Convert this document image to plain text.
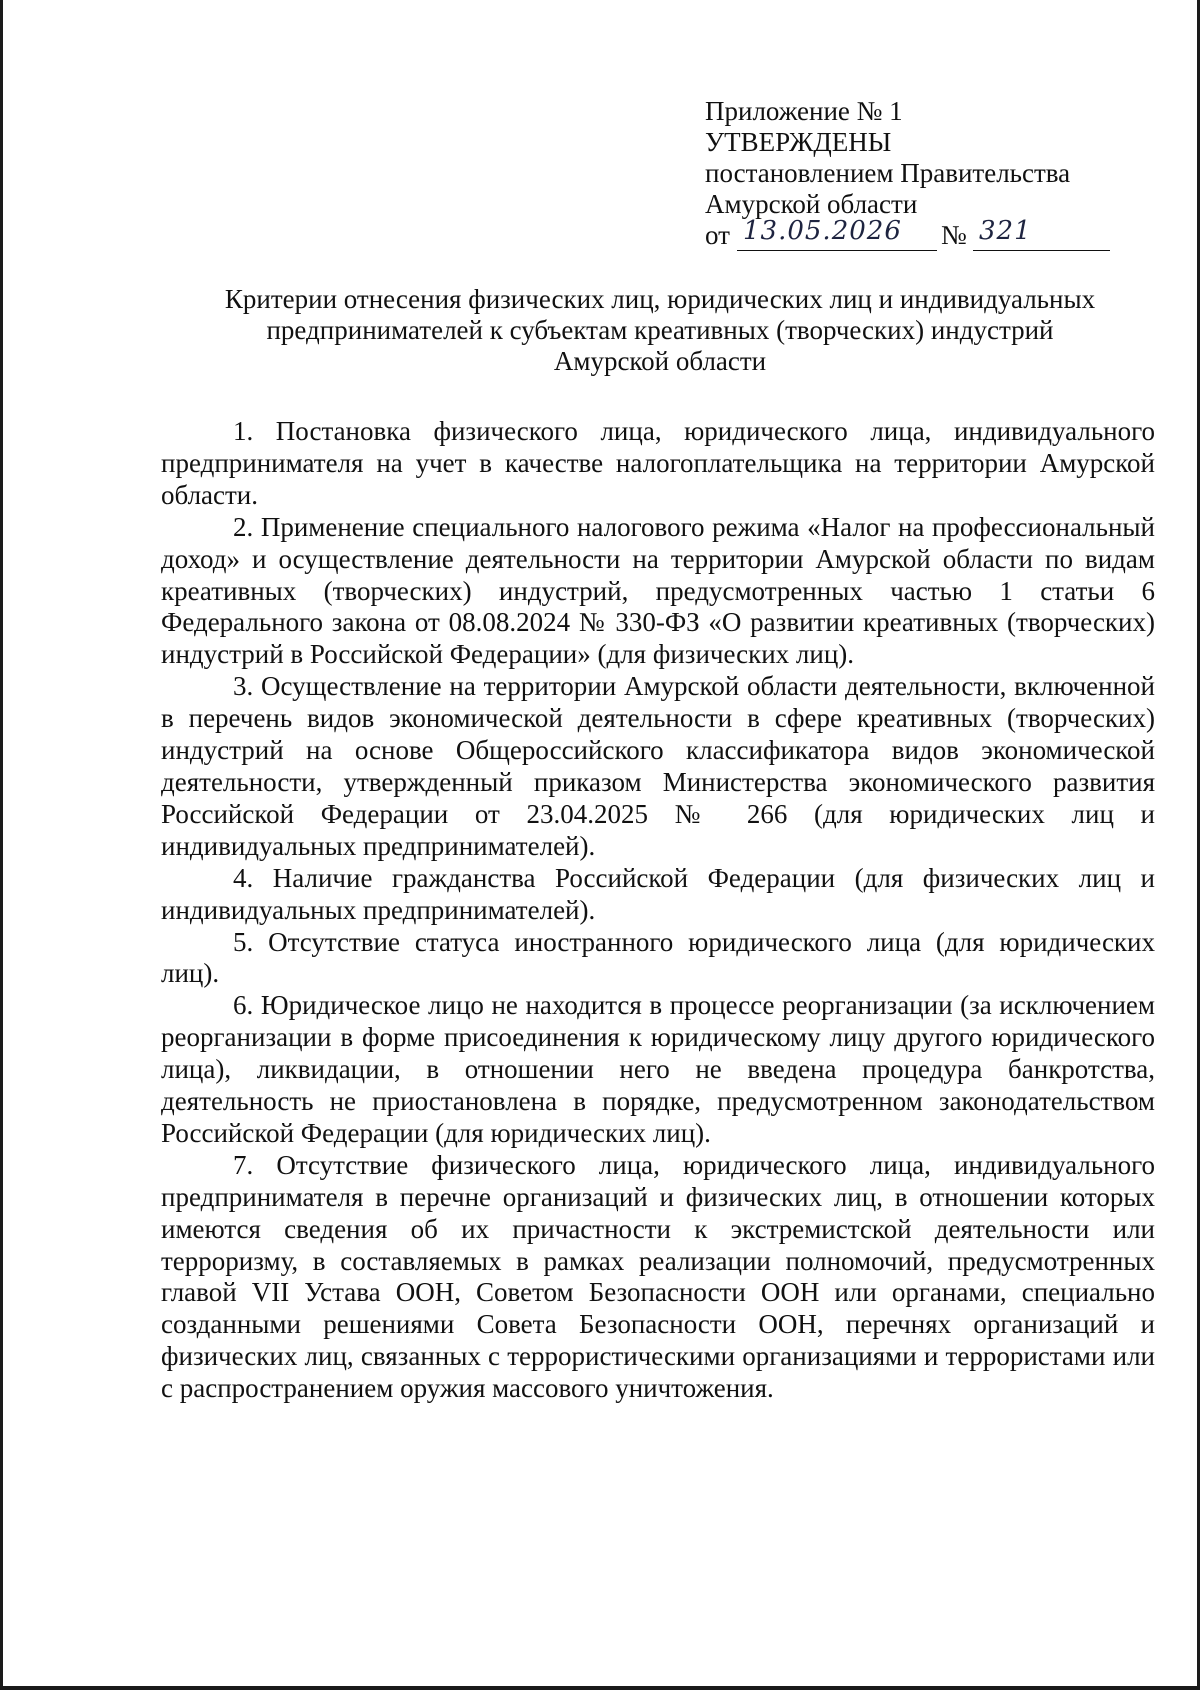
Приложение № 1
УТВЕРЖДЕНЫ
постановлением Правительства
Амурской области
от 13.05.2026 № 321
Критерии отнесения физических лиц, юридических лиц и индивидуальных
предпринимателей к субъектам креативных (творческих) индустрий
Амурской области

1. Постановка физического лица, юридического лица, индивидуального предпринимателя на учет в качестве налогоплательщика на территории Амурской области.

2. Применение специального налогового режима «Налог на профессиональный доход» и осуществление деятельности на территории Амурской области по видам креативных (творческих) индустрий, предусмотренных частью 1 статьи 6 Федерального закона от 08.08.2024 № 330-ФЗ «О развитии креативных (творческих) индустрий в Российской Федерации» (для физических лиц).

3. Осуществление на территории Амурской области деятельности, включенной в перечень видов экономической деятельности в сфере креативных (творческих) индустрий на основе Общероссийского классификатора видов экономической деятельности, утвержденный приказом Министерства экономического развития Российской Федерации от 23.04.2025 № 266 (для юридических лиц и индивидуальных предпринимателей).

4. Наличие гражданства Российской Федерации (для физических лиц и индивидуальных предпринимателей).

5. Отсутствие статуса иностранного юридического лица (для юридических лиц).

6. Юридическое лицо не находится в процессе реорганизации (за исключением реорганизации в форме присоединения к юридическому лицу другого юридического лица), ликвидации, в отношении него не введена процедура банкротства, деятельность не приостановлена в порядке, предусмотренном законодательством Российской Федерации (для юридических лиц).

7. Отсутствие физического лица, юридического лица, индивидуального предпринимателя в перечне организаций и физических лиц, в отношении которых имеются сведения об их причастности к экстремистской деятельности или терроризму, в составляемых в рамках реализации полномочий, предусмотренных главой VII Устава ООН, Советом Безопасности ООН или органами, специально созданными решениями Совета Безопасности ООН, перечнях организаций и физических лиц, связанных с террористическими организациями и террористами или с распространением оружия массового уничтожения.
